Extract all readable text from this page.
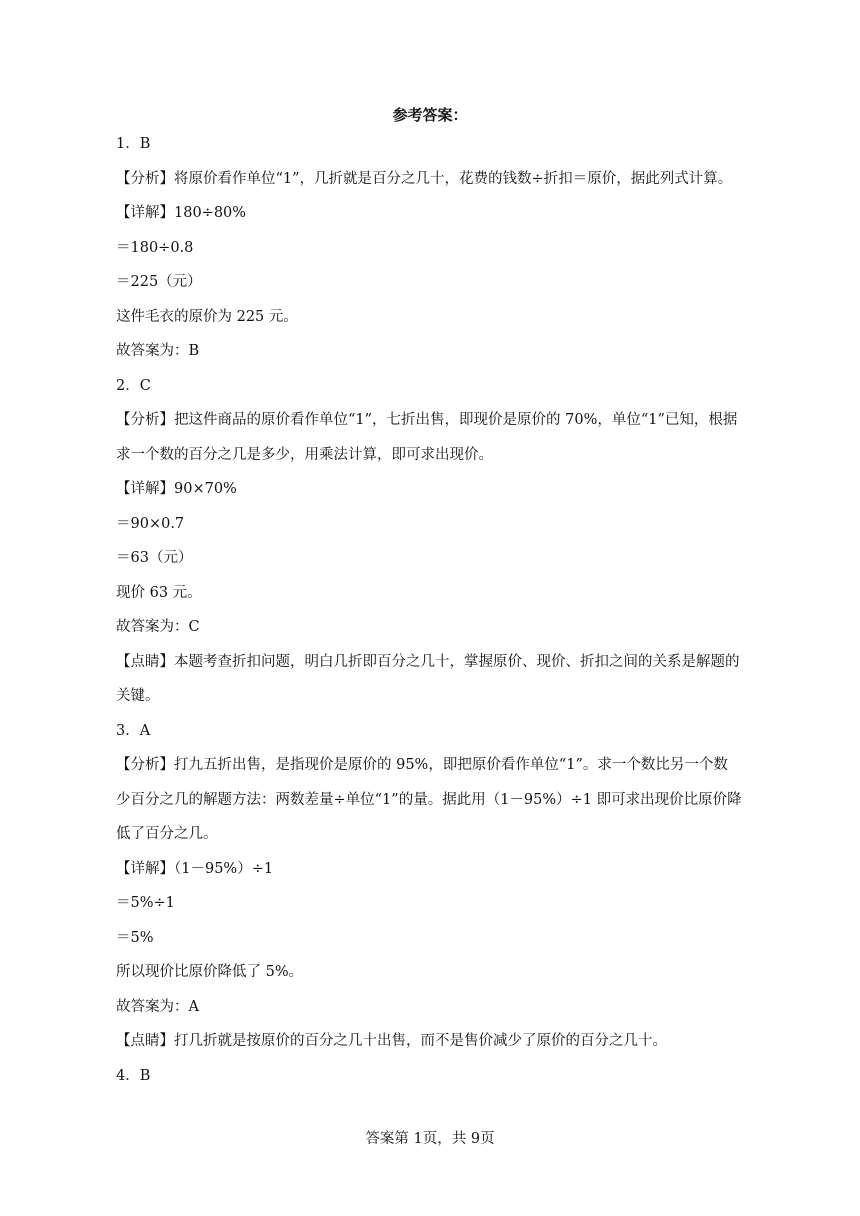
参考答案：

1．B

【分析】将原价看作单位“1”，几折就是百分之几十，花费的钱数÷折扣＝原价，据此列式计算。

【详解】180÷80%

＝180÷0.8

＝225（元）

这件毛衣的原价为 225 元。

故答案为：B

2．C

【分析】把这件商品的原价看作单位“1”，七折出售，即现价是原价的 70%，单位“1”已知，根据求一个数的百分之几是多少，用乘法计算，即可求出现价。

【详解】90×70%

＝90×0.7

＝63（元）

现价 63 元。

故答案为：C

【点睛】本题考查折扣问题，明白几折即百分之几十，掌握原价、现价、折扣之间的关系是解题的关键。

3．A

【分析】打九五折出售，是指现价是原价的 95%，即把原价看作单位“1”。求一个数比另一个数少百分之几的解题方法：两数差量÷单位“1”的量。据此用（1－95%）÷1 即可求出现价比原价降低了百分之几。

【详解】（1－95%）÷1

＝5%÷1

＝5%

所以现价比原价降低了 5%。

故答案为：A

【点睛】打几折就是按原价的百分之几十出售，而不是售价减少了原价的百分之几十。

4．B

答案第 1页，共 9页
